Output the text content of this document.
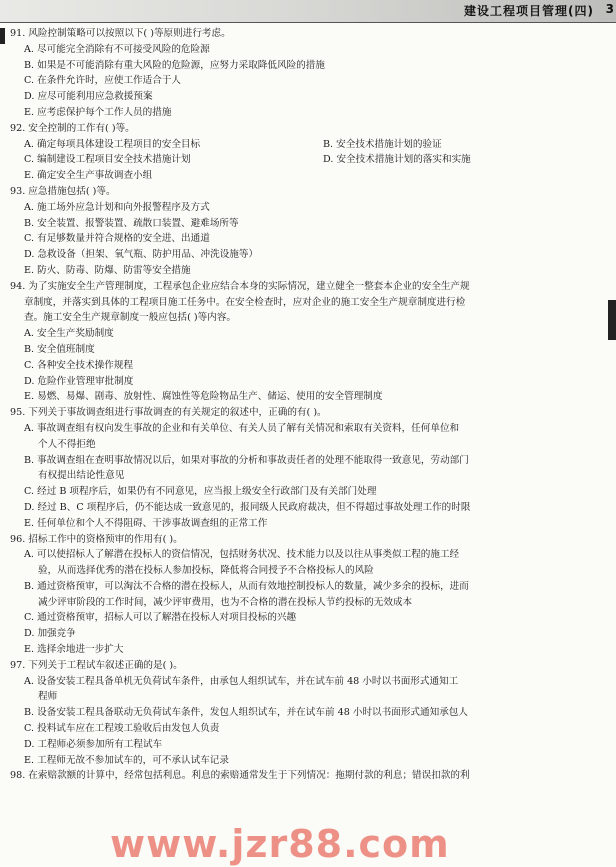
建设工程项目管理(四) 3
91. 风险控制策略可以按照以下( )等原则进行考虑。
A. 尽可能完全消除有不可接受风险的危险源
B. 如果是不可能消除有重大风险的危险源，应努力采取降低风险的措施
C. 在条件允许时，应使工作适合于人
D. 应尽可能利用应急救援预案
E. 应考虑保护每个工作人员的措施
92. 安全控制的工作有( )等。
A. 确定每项具体建设工程项目的安全目标	B. 安全技术措施计划的验证
C. 编制建设工程项目安全技术措施计划	D. 安全技术措施计划的落实和实施
E. 确定安全生产事故调查小组
93. 应急措施包括( )等。
A. 施工场外应急计划和向外报警程序及方式
B. 安全装置、报警装置、疏散口装置、避难场所等
C. 有足够数量并符合规格的安全进、出通道
D. 急救设备（担架、氧气瓶、防护用品、冲洗设施等）
E. 防火、防毒、防爆、防雷等安全措施
94. 为了实施安全生产管理制度，工程承包企业应结合本身的实际情况，建立健全一整套本企业的安全生产规
章制度，并落实到具体的工程项目施工任务中。在安全检查时，应对企业的施工安全生产规章制度进行检
查。施工安全生产规章制度一般应包括( )等内容。
A. 安全生产奖励制度
B. 安全值班制度
C. 各种安全技术操作规程
D. 危险作业管理审批制度
E. 易燃、易爆、剧毒、放射性、腐蚀性等危险物品生产、储运、使用的安全管理制度
95. 下列关于事故调查组进行事故调查的有关规定的叙述中，正确的有( )。
A. 事故调查组有权向发生事故的企业和有关单位、有关人员了解有关情况和索取有关资料，任何单位和
个人不得拒绝
B. 事故调查组在查明事故情况以后，如果对事故的分析和事故责任者的处理不能取得一致意见，劳动部门
有权提出结论性意见
C. 经过 B 项程序后，如果仍有不同意见，应当报上级安全行政部门及有关部门处理
D. 经过 B、C 项程序后，仍不能达成一致意见的，报同级人民政府裁决，但不得超过事故处理工作的时限
E. 任何单位和个人不得阻碍、干涉事故调查组的正常工作
96. 招标工作中的资格预审的作用有( )。
A. 可以使招标人了解潜在投标人的资信情况，包括财务状况、技术能力以及以往从事类似工程的施工经
验，从而选择优秀的潜在投标人参加投标，降低将合同授予不合格投标人的风险
B. 通过资格预审，可以淘汰不合格的潜在投标人，从而有效地控制投标人的数量，减少多余的投标，进而
减少评审阶段的工作时间，减少评审费用，也为不合格的潜在投标人节约投标的无效成本
C. 通过资格预审，招标人可以了解潜在投标人对项目投标的兴趣
D. 加强竞争
E. 选择余地进一步扩大
97. 下列关于工程试车叙述正确的是( )。
A. 设备安装工程具备单机无负荷试车条件，由承包人组织试车，并在试车前 48 小时以书面形式通知工
程师
B. 设备安装工程具备联动无负荷试车条件，发包人组织试车，并在试车前 48 小时以书面形式通知承包人
C. 投料试车应在工程竣工验收后由发包人负责
D. 工程师必须参加所有工程试车
E. 工程师无故不参加试车的，可不承认试车记录
98. 在索赔款额的计算中，经常包括利息。利息的索赔通常发生于下列情况：拖期付款的利息；错误扣款的利
www.jzr88.com
